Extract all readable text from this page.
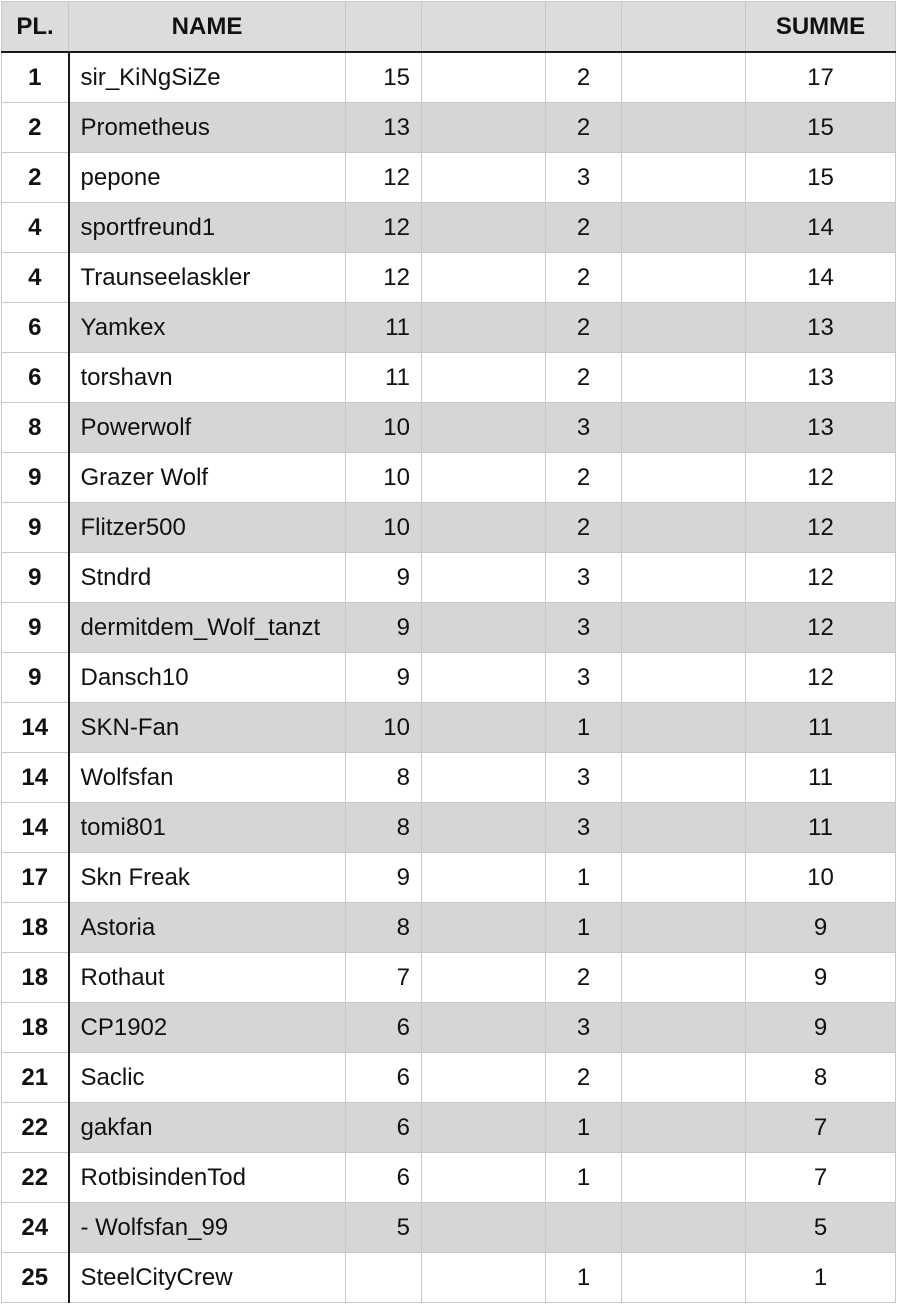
PL.	NAME					SUMME
1	sir_KiNgSiZe	15		2		17
2	Prometheus	13		2		15
2	pepone	12		3		15
4	sportfreund1	12		2		14
4	Traunseelaskler	12		2		14
6	Yamkex	11		2		13
6	torshavn	11		2		13
8	Powerwolf	10		3		13
9	Grazer Wolf	10		2		12
9	Flitzer500	10		2		12
9	Stndrd	9		3		12
9	dermitdem_Wolf_tanzt	9		3		12
9	Dansch10	9		3		12
14	SKN-Fan	10		1		11
14	Wolfsfan	8		3		11
14	tomi801	8		3		11
17	Skn Freak	9		1		10
18	Astoria	8		1		9
18	Rothaut	7		2		9
18	CP1902	6		3		9
21	Saclic	6		2		8
22	gakfan	6		1		7
22	RotbisindenTod	6		1		7
24	- Wolfsfan_99	5				5
25	SteelCityCrew			1		1
